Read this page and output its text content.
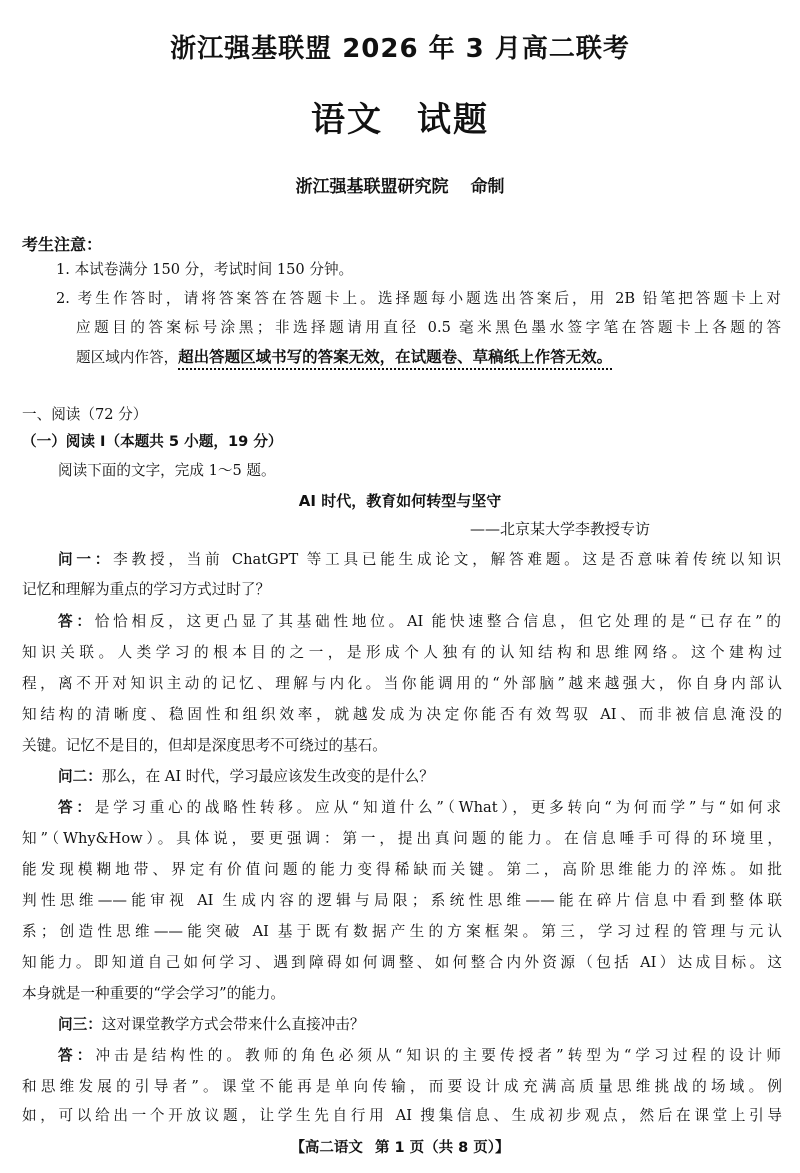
浙江强基联盟 2026 年 3 月高二联考
语文 试题
浙江强基联盟研究院 命制
考生注意：
1. 本试卷满分 150 分，考试时间 150 分钟。
2. 考生作答时，请将答案答在答题卡上。选择题每小题选出答案后，用 2B 铅笔把答题卡上对
应题目的答案标号涂黑；非选择题请用直径 0.5 毫米黑色墨水签字笔在答题卡上各题的答
题区域内作答，超出答题区域书写的答案无效，在试题卷、草稿纸上作答无效。
一、阅读（72 分）
（一）阅读 Ⅰ（本题共 5 小题，19 分）
阅读下面的文字，完成 1～5 题。
AI 时代，教育如何转型与坚守
——北京某大学李教授专访
问一：李教授，当前 ChatGPT 等工具已能生成论文，解答难题。这是否意味着传统以知识
记忆和理解为重点的学习方式过时了？
答：恰恰相反，这更凸显了其基础性地位。AI 能快速整合信息，但它处理的是“已存在”的
知识关联。人类学习的根本目的之一，是形成个人独有的认知结构和思维网络。这个建构过
程，离不开对知识主动的记忆、理解与内化。当你能调用的“外部脑”越来越强大，你自身内部认
知结构的清晰度、稳固性和组织效率，就越发成为决定你能否有效驾驭 AI、而非被信息淹没的
关键。记忆不是目的，但却是深度思考不可绕过的基石。
问二：那么，在 AI 时代，学习最应该发生改变的是什么？
答：是学习重心的战略性转移。应从“知道什么”（What），更多转向“为何而学”与“如何求
知”（Why&How）。具体说，要更强调：第一，提出真问题的能力。在信息唾手可得的环境里，
能发现模糊地带、界定有价值问题的能力变得稀缺而关键。第二，高阶思维能力的淬炼。如批
判性思维——能审视 AI 生成内容的逻辑与局限；系统性思维——能在碎片信息中看到整体联
系；创造性思维——能突破 AI 基于既有数据产生的方案框架。第三，学习过程的管理与元认
知能力。即知道自己如何学习、遇到障碍如何调整、如何整合内外资源（包括 AI）达成目标。这
本身就是一种重要的“学会学习”的能力。
问三：这对课堂教学方式会带来什么直接冲击？
答：冲击是结构性的。教师的角色必须从“知识的主要传授者”转型为“学习过程的设计师
和思维发展的引导者”。课堂不能再是单向传输，而要设计成充满高质量思维挑战的场域。例
如，可以给出一个开放议题，让学生先自行用 AI 搜集信息、生成初步观点，然后在课堂上引导
【高二语文 第 1 页（共 8 页）】
